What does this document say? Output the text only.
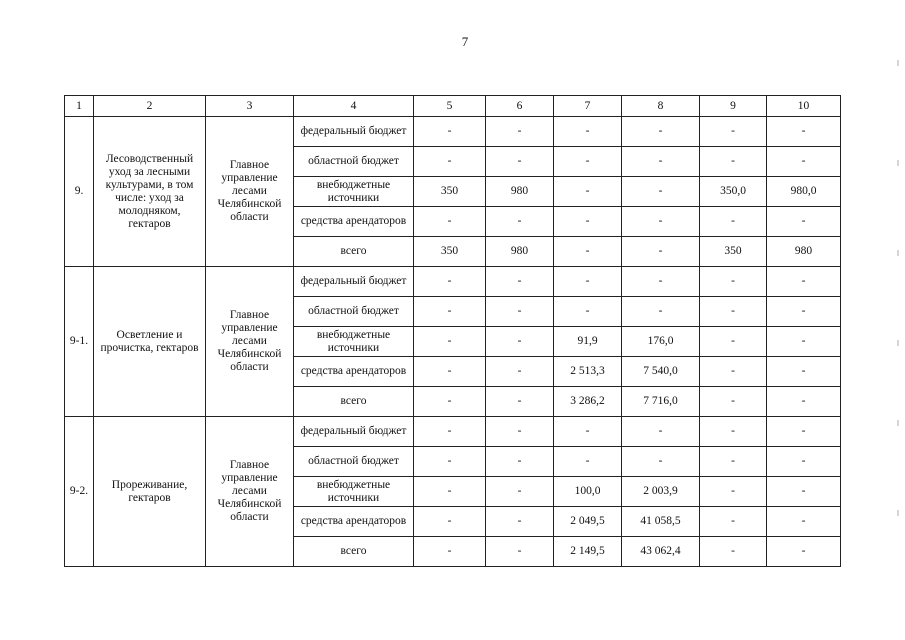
7
1	2	3	4	5	6	7	8	9	10
9.	Лесоводственный уход за лесными культурами, в том числе: уход за молодняком, гектаров	Главное управление лесами Челябинской области	федеральный бюджет	-	-	-	-	-	-
			областной бюджет	-	-	-	-	-	-
			внебюджетные источники	350	980	-	-	350,0	980,0
			средства арендаторов	-	-	-	-	-	-
			всего	350	980	-	-	350	980
9-1.	Осветление и прочистка, гектаров	Главное управление лесами Челябинской области	федеральный бюджет	-	-	-	-	-	-
			областной бюджет	-	-	-	-	-	-
			внебюджетные источники	-	-	91,9	176,0	-	-
			средства арендаторов	-	-	2 513,3	7 540,0	-	-
			всего	-	-	3 286,2	7 716,0	-	-
9-2.	Прореживание, гектаров	Главное управление лесами Челябинской области	федеральный бюджет	-	-	-	-	-	-
			областной бюджет	-	-	-	-	-	-
			внебюджетные источники	-	-	100,0	2 003,9	-	-
			средства арендаторов	-	-	2 049,5	41 058,5	-	-
			всего	-	-	2 149,5	43 062,4	-	-
